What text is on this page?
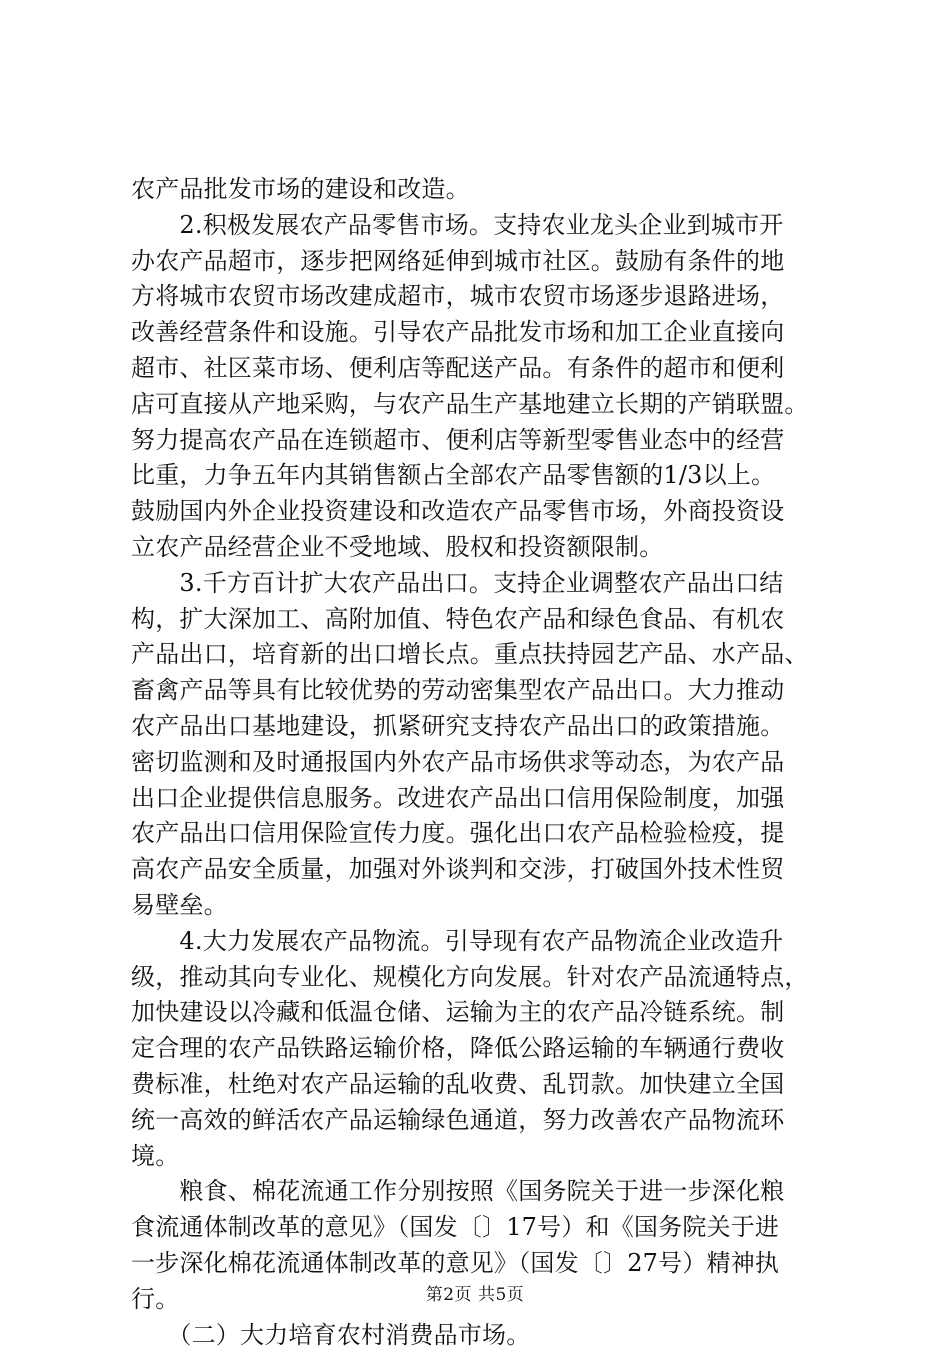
农产品批发市场的建设和改造。
　　2.积极发展农产品零售市场。支持农业龙头企业到城市开
办农产品超市，逐步把网络延伸到城市社区。鼓励有条件的地
方将城市农贸市场改建成超市，城市农贸市场逐步退路进场，
改善经营条件和设施。引导农产品批发市场和加工企业直接向
超市、社区菜市场、便利店等配送产品。有条件的超市和便利
店可直接从产地采购，与农产品生产基地建立长期的产销联盟。
努力提高农产品在连锁超市、便利店等新型零售业态中的经营
比重，力争五年内其销售额占全部农产品零售额的1/3以上。
鼓励国内外企业投资建设和改造农产品零售市场，外商投资设
立农产品经营企业不受地域、股权和投资额限制。
　　3.千方百计扩大农产品出口。支持企业调整农产品出口结
构，扩大深加工、高附加值、特色农产品和绿色食品、有机农
产品出口，培育新的出口增长点。重点扶持园艺产品、水产品、
畜禽产品等具有比较优势的劳动密集型农产品出口。大力推动
农产品出口基地建设，抓紧研究支持农产品出口的政策措施。
密切监测和及时通报国内外农产品市场供求等动态，为农产品
出口企业提供信息服务。改进农产品出口信用保险制度，加强
农产品出口信用保险宣传力度。强化出口农产品检验检疫，提
高农产品安全质量，加强对外谈判和交涉，打破国外技术性贸
易壁垒。
　　4.大力发展农产品物流。引导现有农产品物流企业改造升
级，推动其向专业化、规模化方向发展。针对农产品流通特点，
加快建设以冷藏和低温仓储、运输为主的农产品冷链系统。制
定合理的农产品铁路运输价格，降低公路运输的车辆通行费收
费标准，杜绝对农产品运输的乱收费、乱罚款。加快建立全国
统一高效的鲜活农产品运输绿色通道，努力改善农产品物流环
境。
　　粮食、棉花流通工作分别按照《国务院关于进一步深化粮
食流通体制改革的意见》（国发〔〕17号）和《国务院关于进
一步深化棉花流通体制改革的意见》（国发〔〕27号）精神执
行。
　　（二）大力培育农村消费品市场。
第2页 共5页
